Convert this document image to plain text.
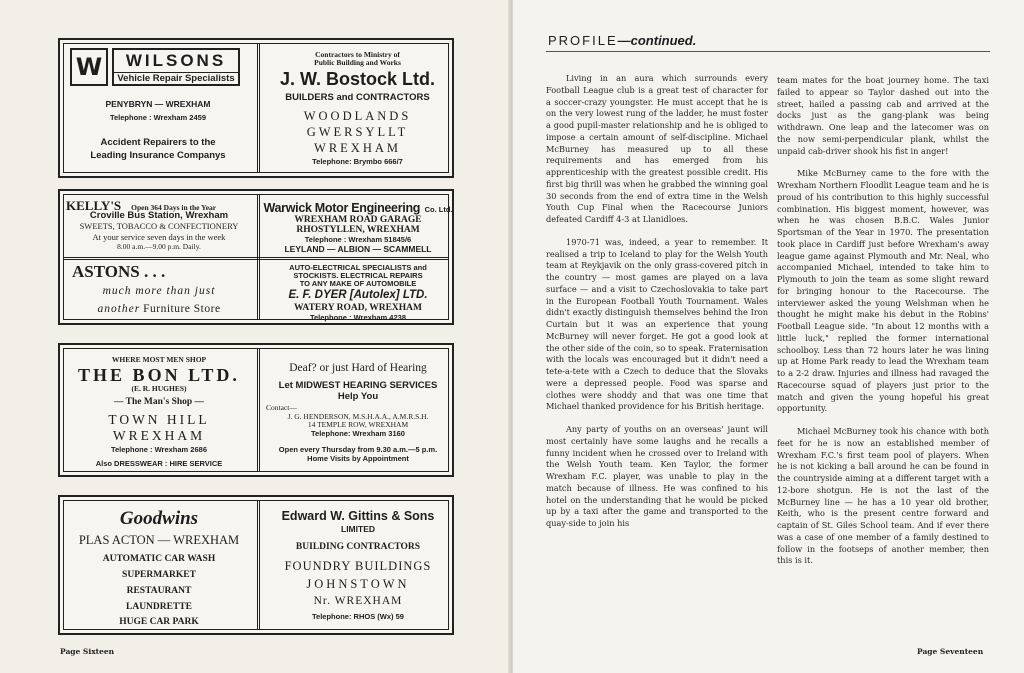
W	WILSONS
Vehicle Repair Specialists
PENYBRYN — WREXHAM
Telephone : Wrexham 2459
Accident Repairers to the
Leading Insurance Companys
Contractors to Ministry of
Public Building and Works
J. W. Bostock Ltd.
BUILDERS and CONTRACTORS
WOODLANDS
GWERSYLLT
WREXHAM
Telephone: Brymbo 666/7
KELLY'S Open 364 Days in the Year
Croville Bus Station, Wrexham
SWEETS, TOBACCO & CONFECTIONERY
At your service seven days in the week
8.00 a.m.—9.00 p.m. Daily.
Warwick Motor Engineering Co. Ltd.
WREXHAM ROAD GARAGE
RHOSTYLLEN, WREXHAM
Telephone : Wrexham 51845/6
LEYLAND — ALBION — SCAMMELL
ASTONS . . .
much more than just
another Furniture Store
AUTO-ELECTRICAL SPECIALISTS and
STOCKISTS. ELECTRICAL REPAIRS
TO ANY MAKE OF AUTOMOBILE
E. F. DYER [Autolex] LTD.
WATERY ROAD, WREXHAM
Telephone : Wrexham 4238
WHERE MOST MEN SHOP
THE BON LTD.
(E. R. HUGHES)
— The Man's Shop —
TOWN HILL
WREXHAM
Telephone : Wrexham 2686
Also DRESSWEAR : HIRE SERVICE
Deaf? or just Hard of Hearing
Let MIDWEST HEARING SERVICES
Help You
Contact—
J. G. HENDERSON, M.S.H.A.A., A.M.R.S.H.
14 TEMPLE ROW, WREXHAM
Telephone: Wrexham 3160
Open every Thursday from 9.30 a.m.—5 p.m.
Home Visits by Appointment
Goodwins
PLAS ACTON — WREXHAM
AUTOMATIC CAR WASH
SUPERMARKET
RESTAURANT
LAUNDRETTE
HUGE CAR PARK
Edward W. Gittins & Sons
LIMITED
BUILDING CONTRACTORS
FOUNDRY BUILDINGS
JOHNSTOWN
Nr. WREXHAM
Telephone: RHOS (Wx) 59
Page Sixteen	Page Seventeen
PROFILE—continued.

Living in an aura which surrounds every Football League club is a great test of character for a soccer-crazy youngster. He must accept that he is on the very lowest rung of the ladder, he must foster a good pupil-master relationship and he is obliged to impose a certain amount of self-discipline. Michael McBurney has measured up to all these requirements and has emerged from his apprenticeship with the greatest possible credit. His first big thrill was when he grabbed the winning goal 30 seconds from the end of extra time in the Welsh Youth Cup Final when the Racecourse Juniors defeated Cardiff 4-3 at Llanidloes.

1970-71 was, indeed, a year to remember. It realised a trip to Iceland to play for the Welsh Youth team at Reykjavik on the only grass-covered pitch in the country — most games are played on a lava surface — and a visit to Czechoslovakia to take part in the European Football Youth Tournament. Wales didn't exactly distinguish themselves behind the Iron Curtain but it was an experience that young McBurney will never forget. He got a good look at the other side of the coin, so to speak. Fraternisation with the locals was encouraged but it didn't need a tete-a-tete with a Czech to deduce that the Slovaks were a depressed people. Food was sparse and clothes were shoddy and that was one time that Michael thanked providence for his British heritage.

Any party of youths on an overseas' jaunt will most certainly have some laughs and he recalls a funny incident when he crossed over to Ireland with the Welsh Youth team. Ken Taylor, the former Wrexham F.C. player, was unable to play in the match because of illness. He was confined to his hotel on the understanding that he would be picked up by a taxi after the game and transported to the quay-side to join his

team mates for the boat journey home. The taxi failed to appear so Taylor dashed out into the street, hailed a passing cab and arrived at the docks just as the gang-plank was being withdrawn. One leap and the latecomer was on the now semi-perpendicular plank, whilst the unpaid cab-driver shook his fist in anger!

Mike McBurney came to the fore with the Wrexham Northern Floodlit League team and he is proud of his contribution to this highly successful combination. His biggest moment, however, was when he was chosen B.B.C. Wales Junior Sportsman of the Year in 1970. The presentation took place in Cardiff just before Wrexham's away league game against Plymouth and Mr. Neal, who accompanied Michael, intended to take him to Plymouth to join the team as some slight reward for bringing honour to the Racecourse. The interviewer asked the young Welshman when he thought he might make his debut in the Robins' Football League side. "In about 12 months with a little luck," replied the former international schoolboy. Less than 72 hours later he was lining up at Home Park ready to lead the Wrexham team to a 2-2 draw. Injuries and illness had ravaged the Racecourse squad of players just prior to the match and given the young hopeful his great opportunity.

Michael McBurney took his chance with both feet for he is now an established member of Wrexham F.C.'s first team pool of players. When he is not kicking a ball around he can be found in the countryside aiming at a different target with a 12-bore shotgun. He is not the last of the McBurney line — he has a 10 year old brother, Keith, who is the present centre forward and captain of St. Giles School team. And if ever there was a case of one member of a family destined to follow in the footseps of another member, then this is it.
